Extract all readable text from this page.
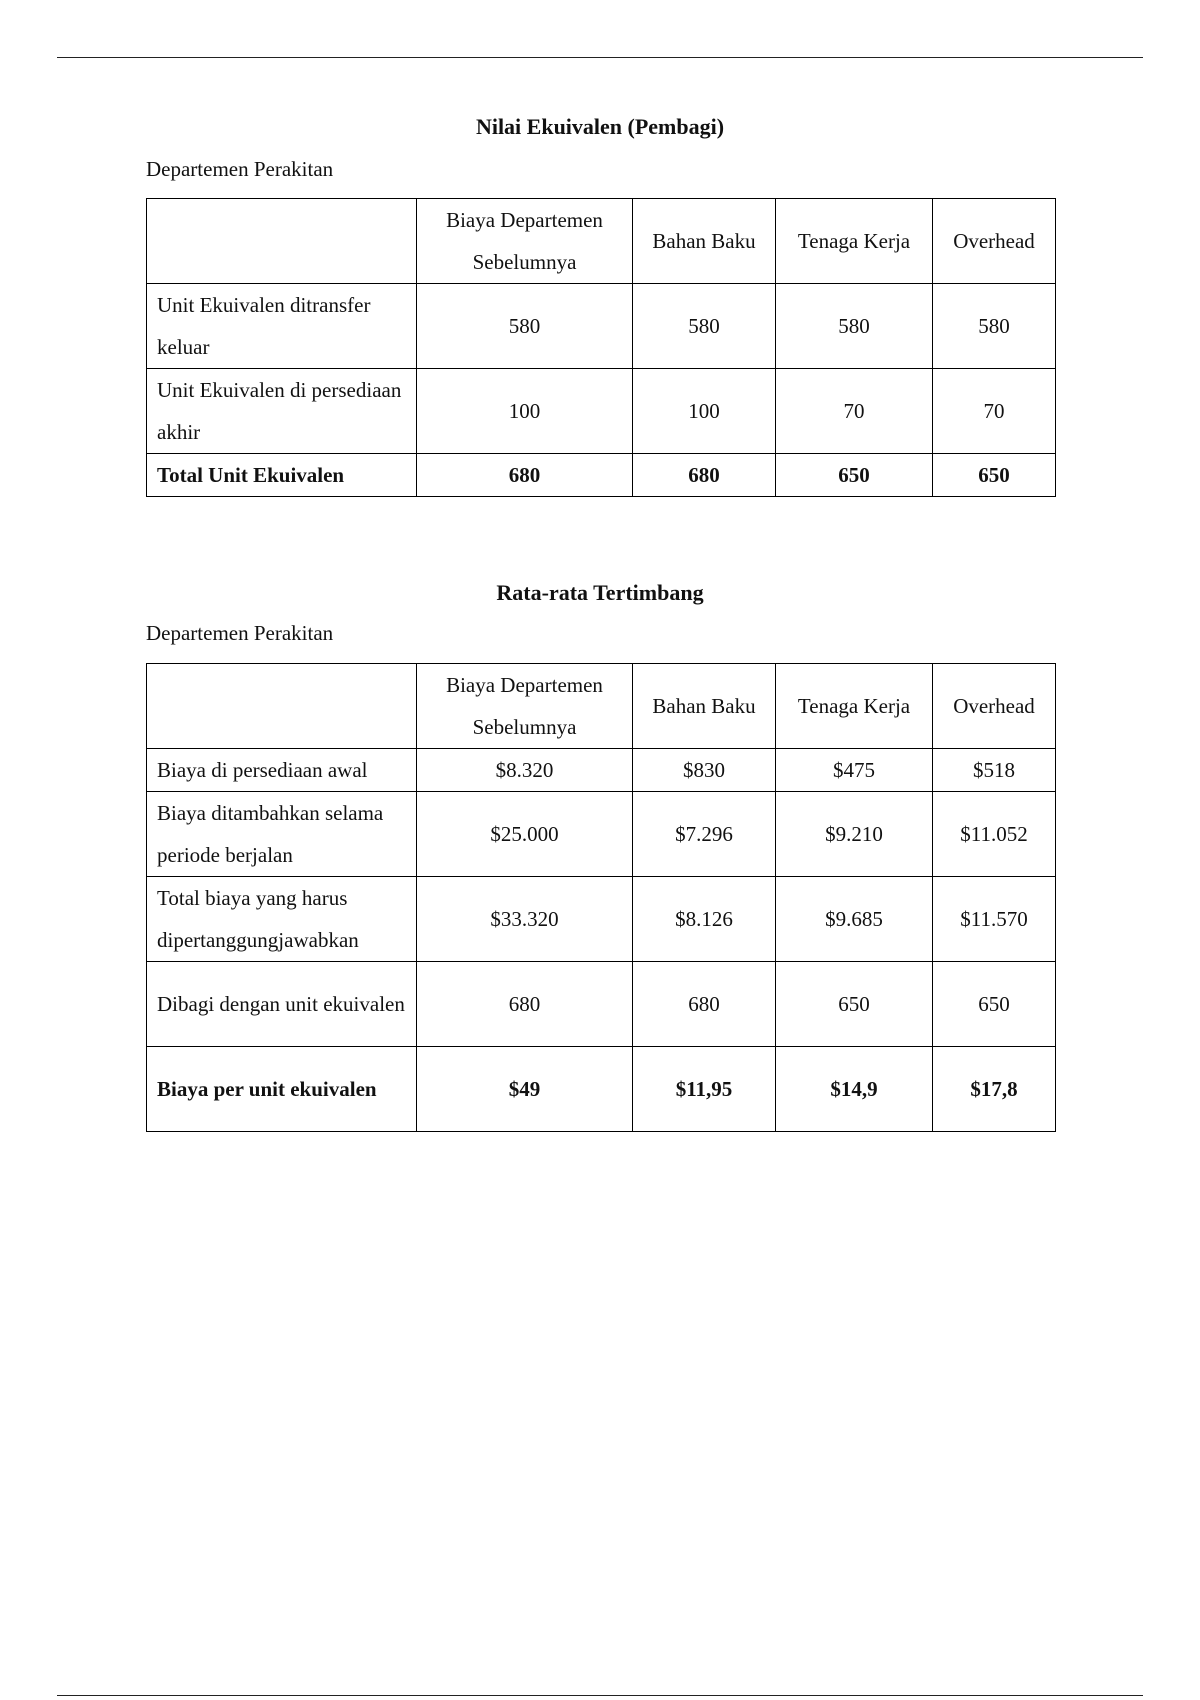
Nilai Ekuivalen (Pembagi)
Departemen Perakitan
	Biaya Departemen Sebelumnya	Bahan Baku	Tenaga Kerja	Overhead
Unit Ekuivalen ditransfer keluar	580	580	580	580
Unit Ekuivalen di persediaan akhir	100	100	70	70
Total Unit Ekuivalen	680	680	650	650
Rata-rata Tertimbang
Departemen Perakitan
	Biaya Departemen Sebelumnya	Bahan Baku	Tenaga Kerja	Overhead
Biaya di persediaan awal	$8.320	$830	$475	$518
Biaya ditambahkan selama periode berjalan	$25.000	$7.296	$9.210	$11.052
Total biaya yang harus dipertanggungjawabkan	$33.320	$8.126	$9.685	$11.570
Dibagi dengan unit ekuivalen	680	680	650	650
Biaya per unit ekuivalen	$49	$11,95	$14,9	$17,8
